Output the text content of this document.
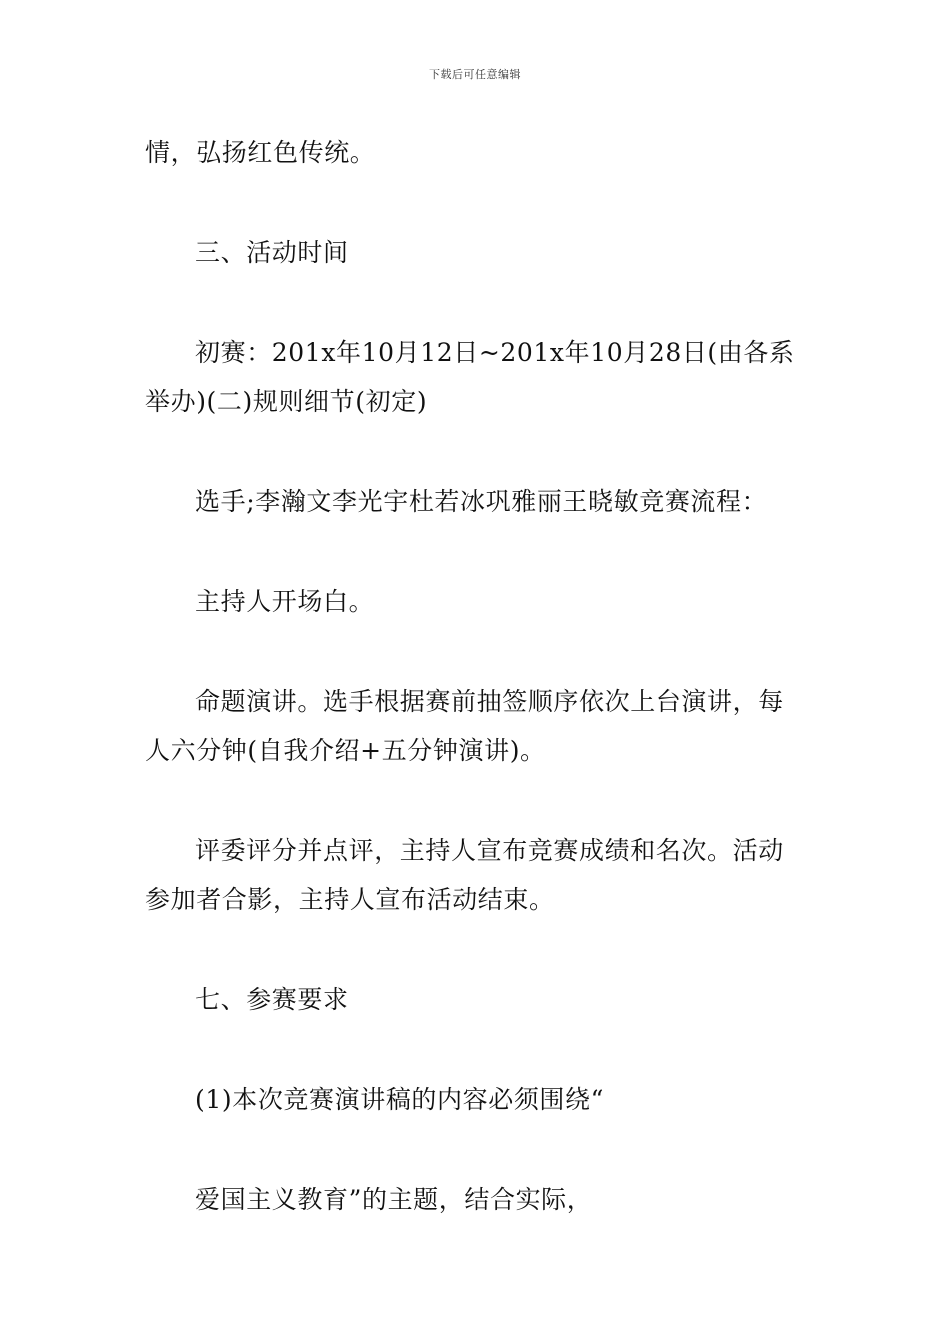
下载后可任意编辑

情，弘扬红色传统。

三、活动时间

初赛：201x年10月12日~201x年10月28日(由各系举办)(二)规则细节(初定)

选手;李瀚文李光宇杜若冰巩雅丽王晓敏竞赛流程：

主持人开场白。

命题演讲。选手根据赛前抽签顺序依次上台演讲，每人六分钟(自我介绍+五分钟演讲)。

评委评分并点评，主持人宣布竞赛成绩和名次。活动参加者合影，主持人宣布活动结束。

七、参赛要求

(1)本次竞赛演讲稿的内容必须围绕“

爱国主义教育”的主题，结合实际，
